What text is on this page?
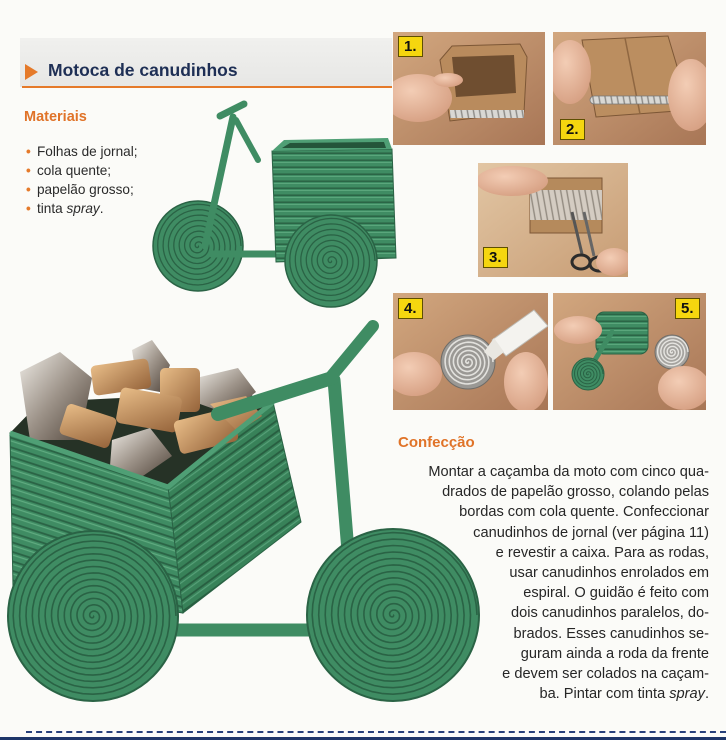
Motoca de canudinhos
Materiais
• Folhas de jornal;
• cola quente;
• papelão grosso;
• tinta spray.
1.
2.
3.
4.	5.
Confecção
Montar a caçamba da moto com cinco qua-
drados de papelão grosso, colando pelas
bordas com cola quente. Confeccionar
canudinhos de jornal (ver página 11)
e revestir a caixa. Para as rodas,
usar canudinhos enrolados em
espiral. O guidão é feito com
dois canudinhos paralelos, do-
brados. Esses canudinhos se-
guram ainda a roda da frente
e devem ser colados na caçam-
ba. Pintar com tinta spray.
